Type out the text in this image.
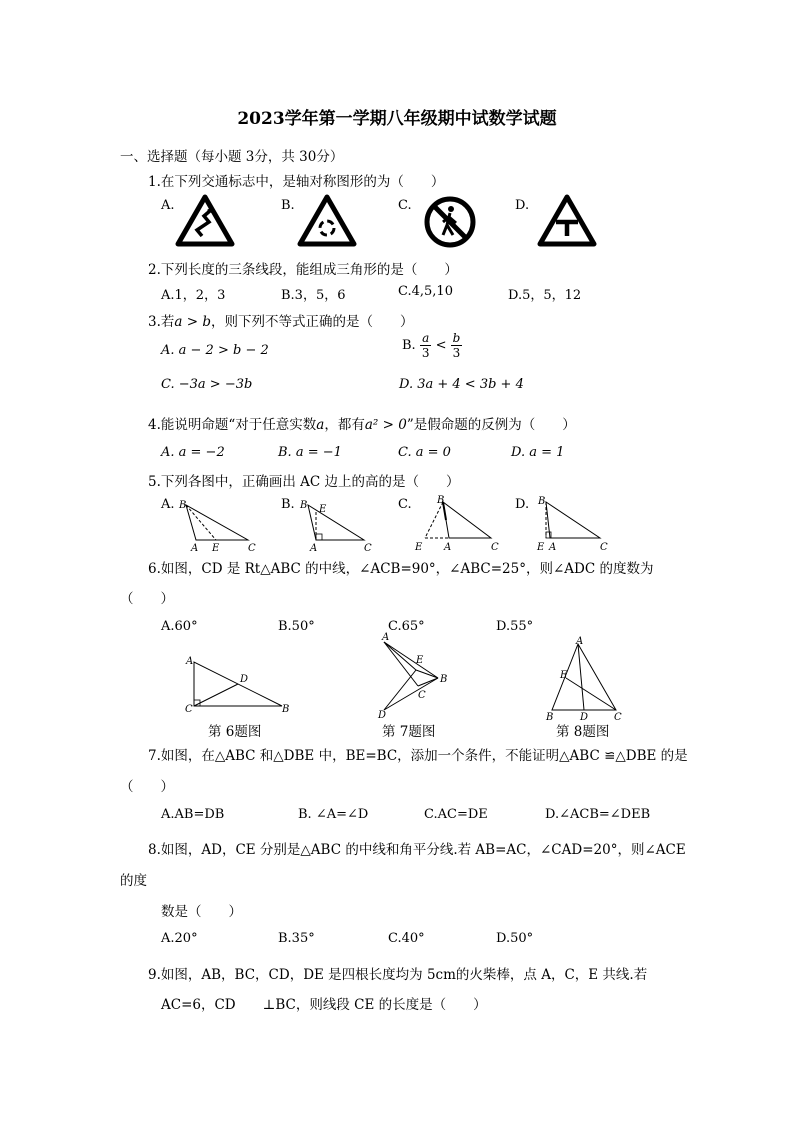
2023学年第一学期八年级期中试数学试题
一、选择题（每小题 3分，共 30分）
1.在下列交通标志中，是轴对称图形的为（　　）
A.	B.	C.	D.
2.下列长度的三条线段，能组成三角形的是（　　）
A.1，2，3	B.3，5，6	C.4,5,10	D.5，5，12
3.若a > b，则下列不等式正确的是（　　）
A. a − 2 > b − 2	B. $\frac{a}{3} < \frac{b}{3}$
C. −3a > −3b	D. 3a + 4 < 3b + 4
4.能说明命题“对于任意实数a，都有a² > 0”是假命题的反例为（　　）
A. a = −2	B. a = −1	C. a = 0	D. a = 1
5.下列各图中，正确画出 AC 边上的高的是（　　）
A.	B.	C.	D.
B
A E	C
B E
A	C
B
E A	C
B
E A	C
6.如图，CD 是 Rt△ABC 的中线，∠ACB=90°，∠ABC=25°，则∠ADC 的度数为
（　　）
A.60°	B.50°	C.65°	D.55°
A
C
D
B
第 6题图
A
E
B
C
D
第 7题图
A
E
B	D	C
第 8题图
7.如图，在△ABC 和△DBE 中，BE=BC，添加一个条件，不能证明△ABC ≌△DBE 的是
（　　）
A.AB=DB	B. ∠A=∠D	C.AC=DE	D.∠ACB=∠DEB
8.如图，AD，CE 分别是△ABC 的中线和角平分线.若 AB=AC，∠CAD=20°，则∠ACE
的度
数是（　　）
A.20°	B.35°	C.40°	D.50°
9.如图，AB，BC，CD，DE 是四根长度均为 5cm的火柴棒，点 A，C，E 共线.若
AC=6，CD　　⊥BC，则线段 CE 的长度是（　　）
